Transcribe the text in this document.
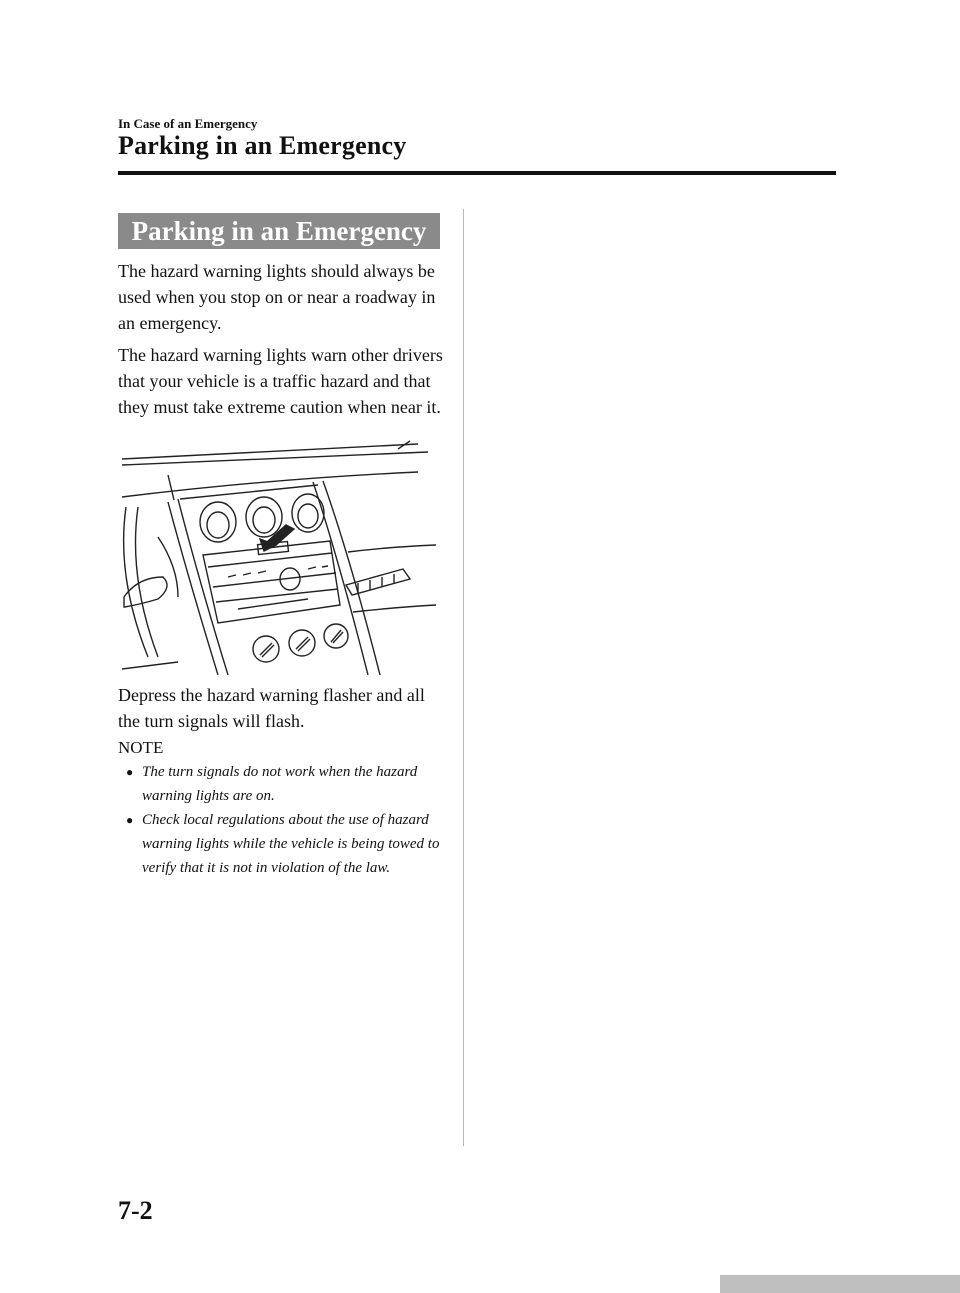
In Case of an Emergency
Parking in an Emergency
Parking in an Emergency

The hazard warning lights should always be used when you stop on or near a roadway in an emergency.

The hazard warning lights warn other drivers that your vehicle is a traffic hazard and that they must take extreme caution when near it.

Depress the hazard warning flasher and all the turn signals will flash.

NOTE
● The turn signals do not work when the hazard warning lights are on.
● Check local regulations about the use of hazard warning lights while the vehicle is being towed to verify that it is not in violation of the law.
7-2
